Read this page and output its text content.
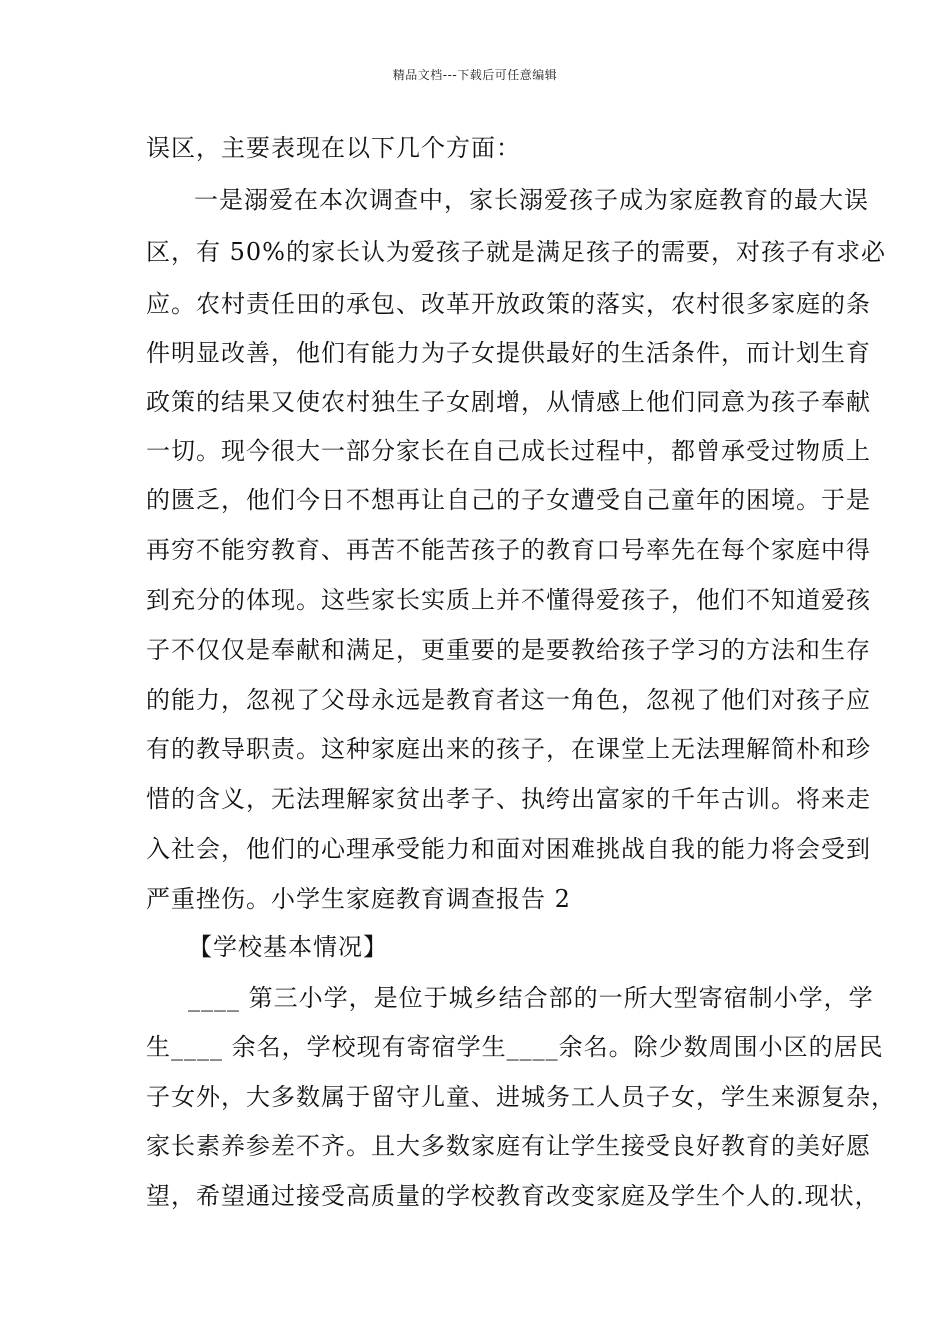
精品文档---下载后可任意编辑
误区，主要表现在以下几个方面：
一是溺爱在本次调查中，家长溺爱孩子成为家庭教育的最大误
区，有 50%的家长认为爱孩子就是满足孩子的需要，对孩子有求必
应。农村责任田的承包、改革开放政策的落实，农村很多家庭的条
件明显改善，他们有能力为子女提供最好的生活条件，而计划生育
政策的结果又使农村独生子女剧增，从情感上他们同意为孩子奉献
一切。现今很大一部分家长在自己成长过程中，都曾承受过物质上
的匮乏，他们今日不想再让自己的子女遭受自己童年的困境。于是
再穷不能穷教育、再苦不能苦孩子的教育口号率先在每个家庭中得
到充分的体现。这些家长实质上并不懂得爱孩子，他们不知道爱孩
子不仅仅是奉献和满足，更重要的是要教给孩子学习的方法和生存
的能力，忽视了父母永远是教育者这一角色，忽视了他们对孩子应
有的教导职责。这种家庭出来的孩子，在课堂上无法理解简朴和珍
惜的含义，无法理解家贫出孝子、执绔出富家的千年古训。将来走
入社会，他们的心理承受能力和面对困难挑战自我的能力将会受到
严重挫伤。小学生家庭教育调查报告 2
【学校基本情况】
____ 第三小学，是位于城乡结合部的一所大型寄宿制小学，学
生____ 余名，学校现有寄宿学生____余名。除少数周围小区的居民
子女外，大多数属于留守儿童、进城务工人员子女，学生来源复杂，
家长素养参差不齐。且大多数家庭有让学生接受良好教育的美好愿
望，希望通过接受高质量的学校教育改变家庭及学生个人的.现状，
